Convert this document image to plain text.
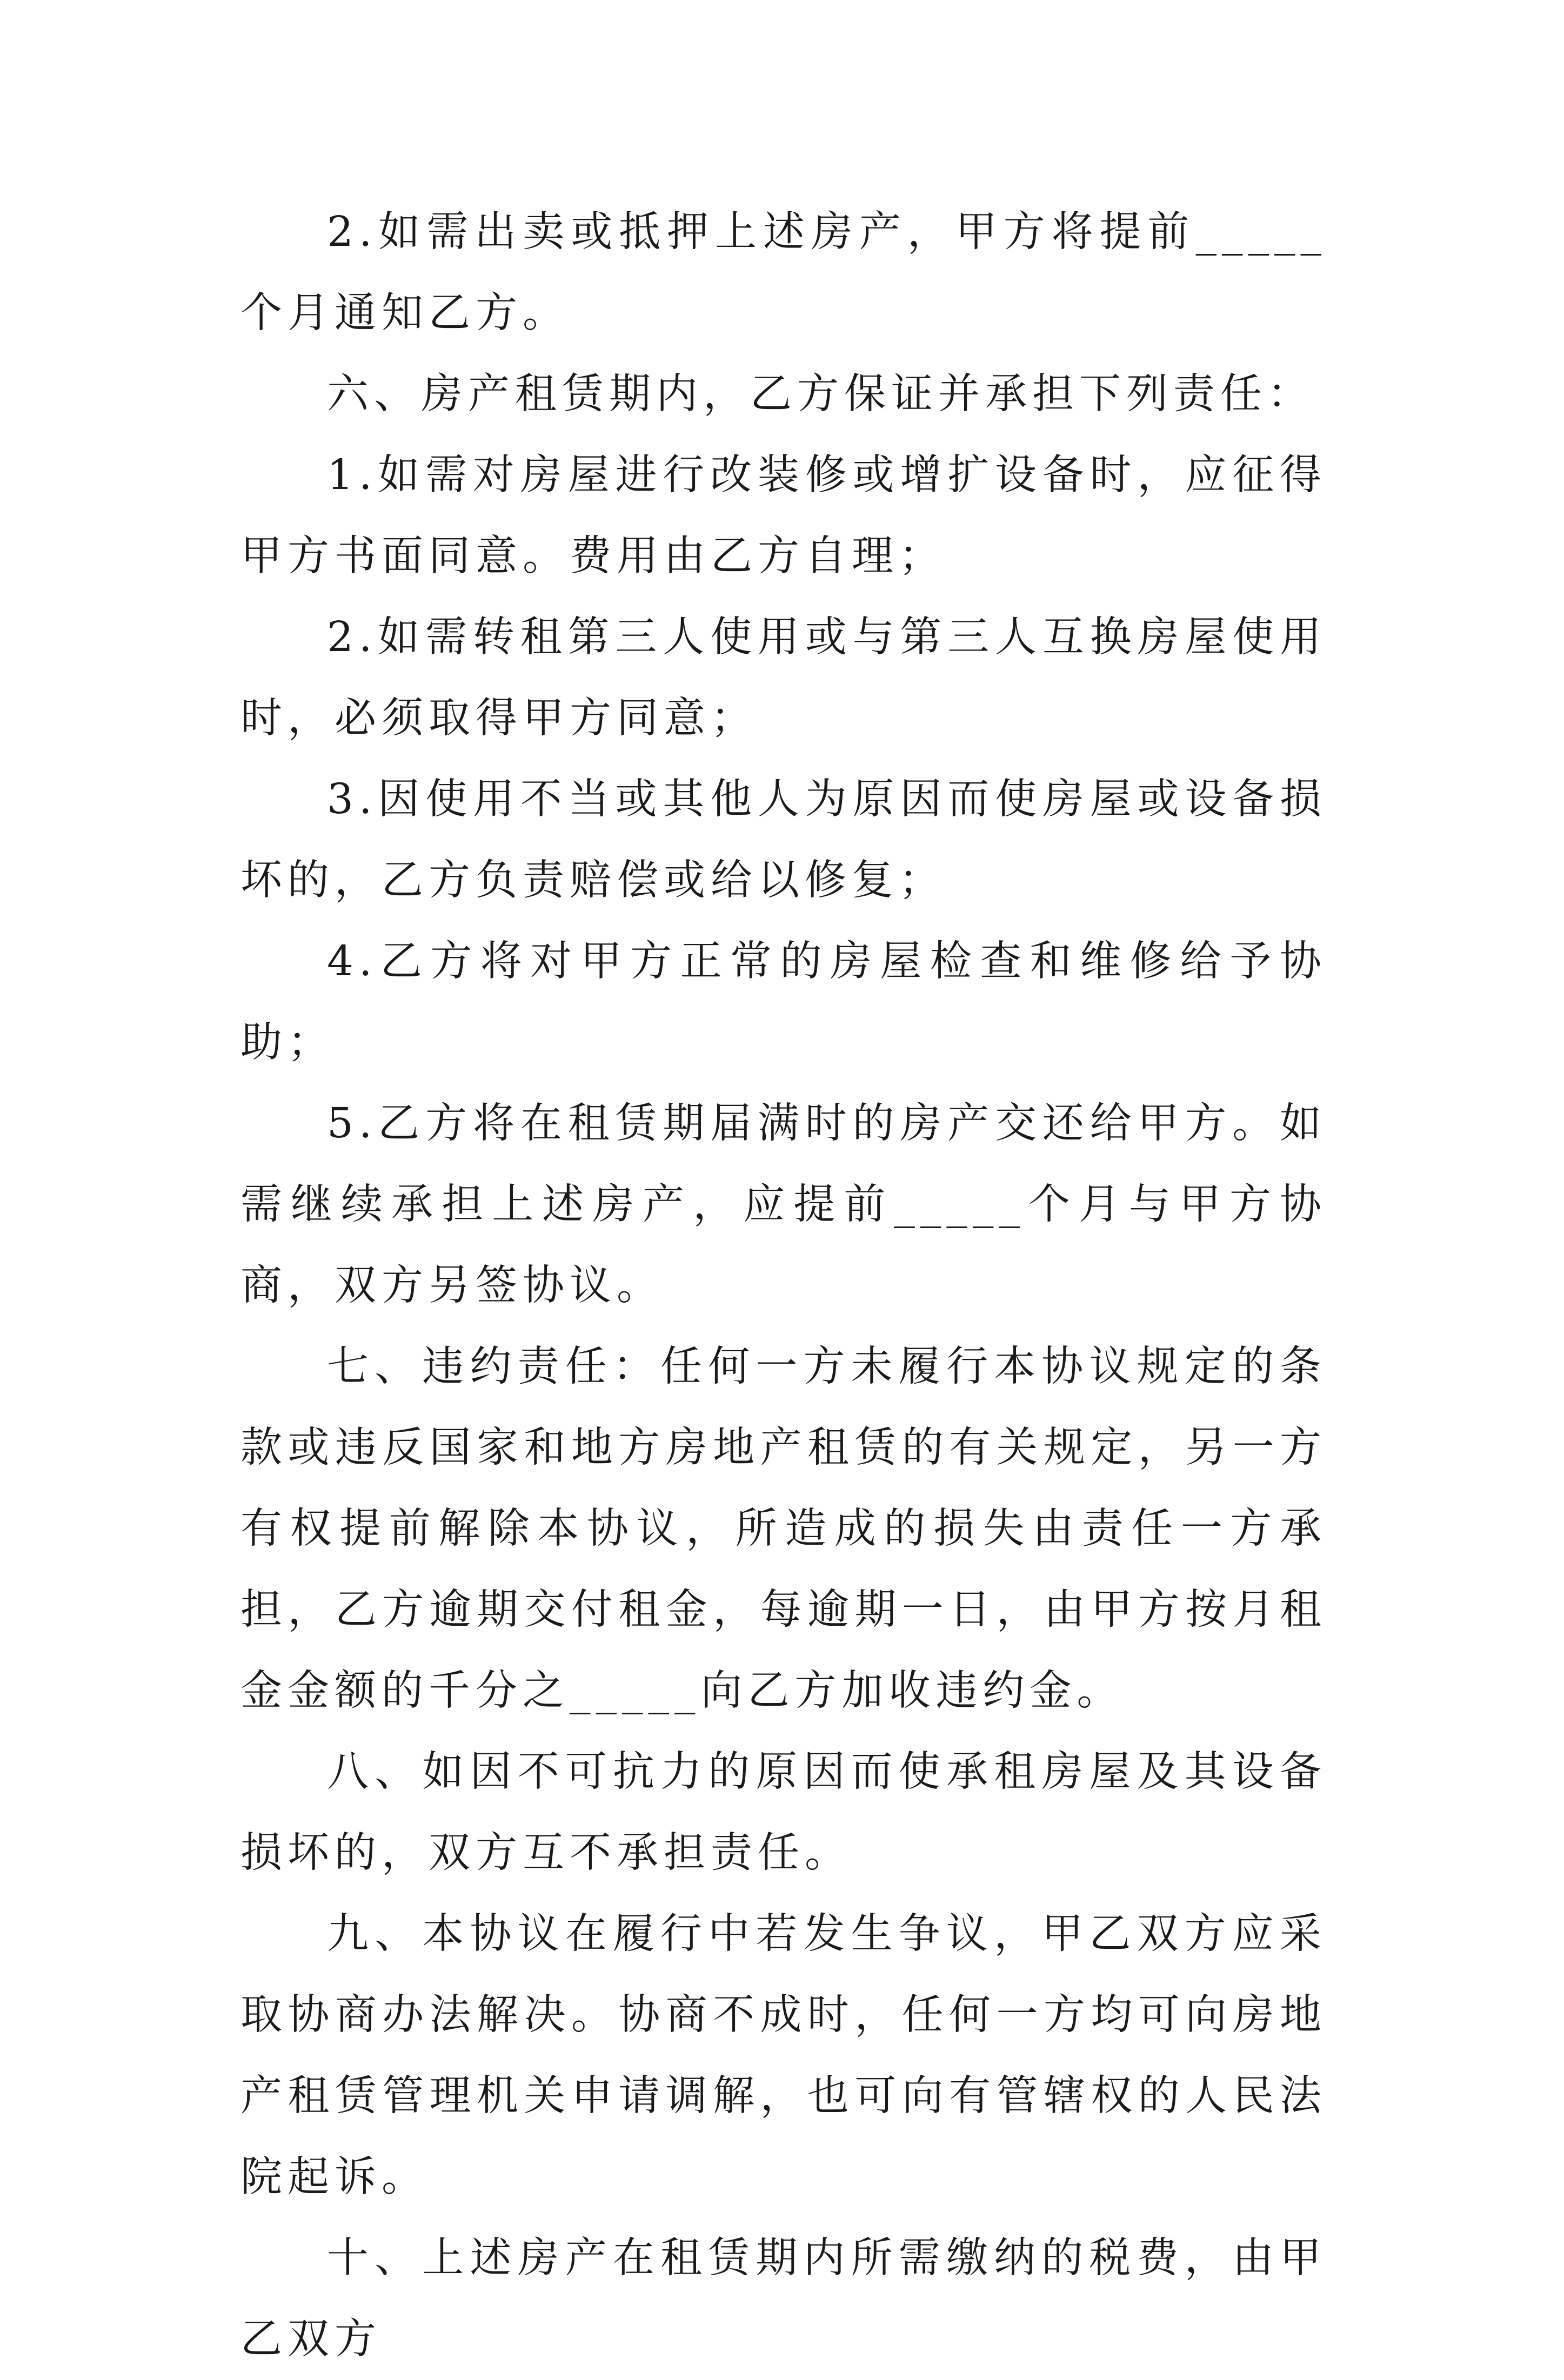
2.如需出卖或抵押上述房产，甲方将提前_____个月通知乙方。

六、房产租赁期内，乙方保证并承担下列责任：

1.如需对房屋进行改装修或增扩设备时，应征得甲方书面同意。费用由乙方自理；

2.如需转租第三人使用或与第三人互换房屋使用时，必须取得甲方同意；

3.因使用不当或其他人为原因而使房屋或设备损坏的，乙方负责赔偿或给以修复；

4.乙方将对甲方正常的房屋检查和维修给予协助；

5.乙方将在租赁期届满时的房产交还给甲方。如需继续承担上述房产，应提前_____个月与甲方协商，双方另签协议。

七、违约责任：任何一方未履行本协议规定的条款或违反国家和地方房地产租赁的有关规定，另一方有权提前解除本协议，所造成的损失由责任一方承担，乙方逾期交付租金，每逾期一日，由甲方按月租金金额的千分之_____向乙方加收违约金。

八、如因不可抗力的原因而使承租房屋及其设备损坏的，双方互不承担责任。

九、本协议在履行中若发生争议，甲乙双方应采取协商办法解决。协商不成时，任何一方均可向房地产租赁管理机关申请调解，也可向有管辖权的人民法院起诉。

十、上述房产在租赁期内所需缴纳的税费，由甲乙双方
